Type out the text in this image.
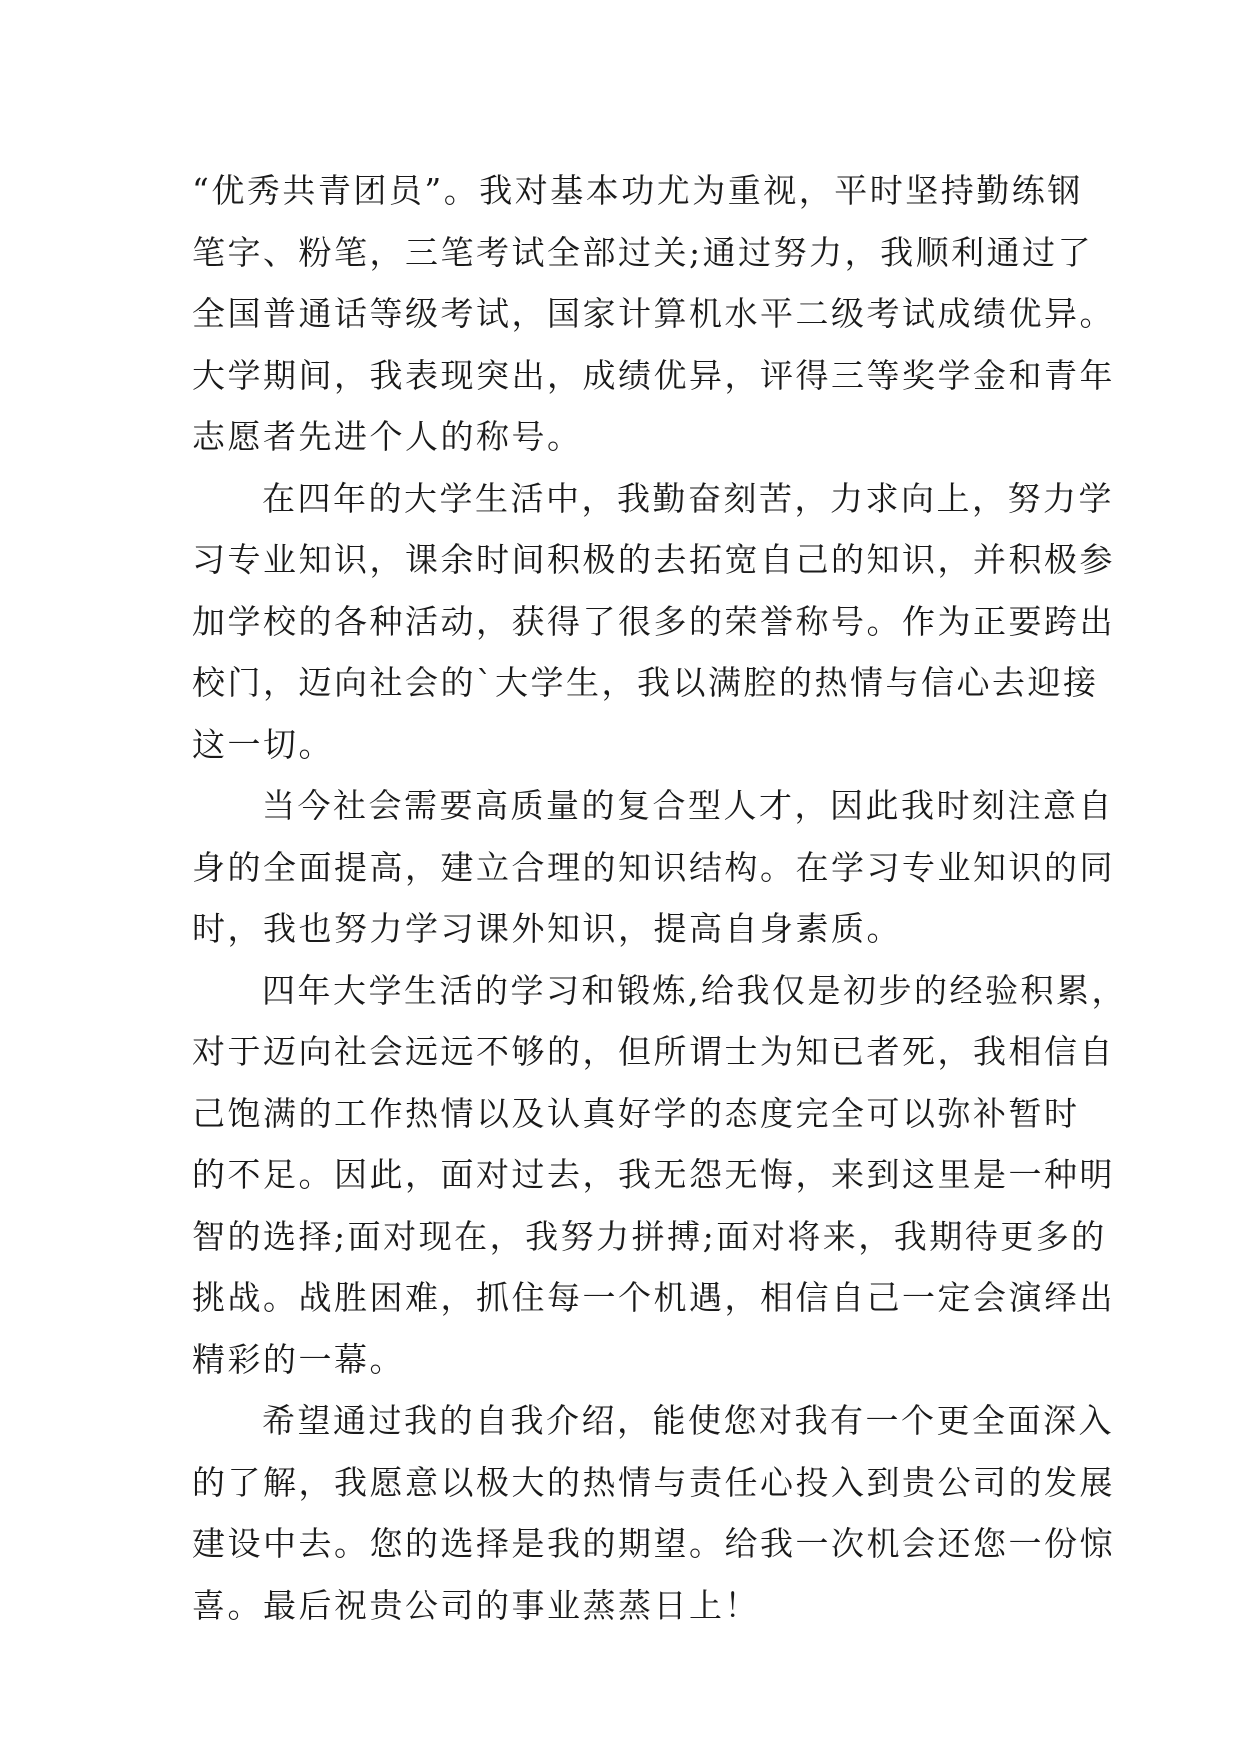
“优秀共青团员”。我对基本功尤为重视，平时坚持勤练钢
笔字、粉笔，三笔考试全部过关;通过努力，我顺利通过了
全国普通话等级考试，国家计算机水平二级考试成绩优异。
大学期间，我表现突出，成绩优异，评得三等奖学金和青年
志愿者先进个人的称号。
在四年的大学生活中，我勤奋刻苦，力求向上，努力学
习专业知识，课余时间积极的去拓宽自己的知识，并积极参
加学校的各种活动，获得了很多的荣誉称号。作为正要跨出
校门，迈向社会的`大学生，我以满腔的热情与信心去迎接
这一切。
当今社会需要高质量的复合型人才，因此我时刻注意自
身的全面提高，建立合理的知识结构。在学习专业知识的同
时，我也努力学习课外知识，提高自身素质。
四年大学生活的学习和锻炼,给我仅是初步的经验积累，
对于迈向社会远远不够的，但所谓士为知已者死，我相信自
己饱满的工作热情以及认真好学的态度完全可以弥补暂时
的不足。因此，面对过去，我无怨无悔，来到这里是一种明
智的选择;面对现在，我努力拼搏;面对将来，我期待更多的
挑战。战胜困难，抓住每一个机遇，相信自己一定会演绎出
精彩的一幕。
希望通过我的自我介绍，能使您对我有一个更全面深入
的了解，我愿意以极大的热情与责任心投入到贵公司的发展
建设中去。您的选择是我的期望。给我一次机会还您一份惊
喜。最后祝贵公司的事业蒸蒸日上！
